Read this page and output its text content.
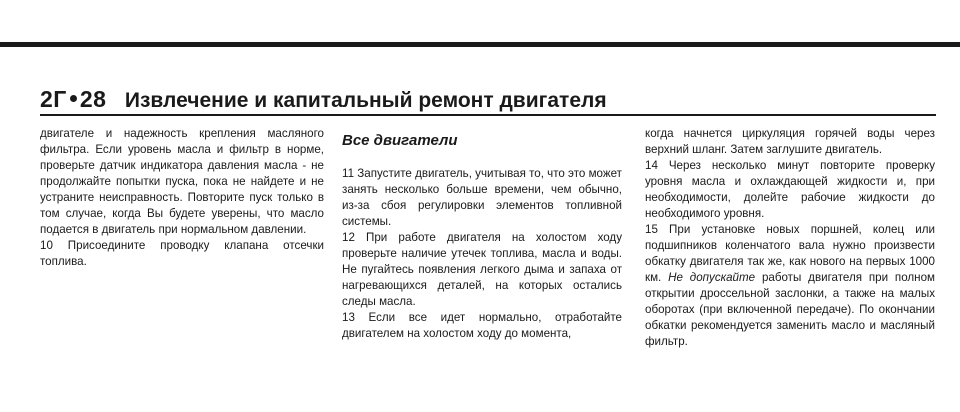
2Г 28 Извлечение и капитальный ремонт двигателя

двигателе и надежность крепления масляного фильтра. Если уровень масла и фильтр в норме, проверьте датчик индикатора давления масла - не продолжайте попытки пуска, пока не найдете и не устраните неисправность. Повторите пуск только в том случае, когда Вы будете уверены, что масло подается в двигатель при нормальном давлении.

10 Присоедините проводку клапана отсечки топлива.

Все двигатели

11 Запустите двигатель, учитывая то, что это может занять несколько больше времени, чем обычно, из-за сбоя регулировки элементов топливной системы.

12 При работе двигателя на холостом ходу проверьте наличие утечек топлива, масла и воды. Не пугайтесь появления легкого дыма и запаха от нагревающихся деталей, на которых остались следы масла.

13 Если все идет нормально, отработайте двигателем на холостом ходу до момента,

когда начнется циркуляция горячей воды через верхний шланг. Затем заглушите двигатель.

14 Через несколько минут повторите проверку уровня масла и охлаждающей жидкости и, при необходимости, долейте рабочие жидкости до необходимого уровня.

15 При установке новых поршней, колец или подшипников коленчатого вала нужно произвести обкатку двигателя так же, как нового на первых 1000 км. Не допускайте работы двигателя при полном открытии дроссельной заслонки, а также на малых оборотах (при включенной передаче). По окончании обкатки рекомендуется заменить масло и масляный фильтр.
